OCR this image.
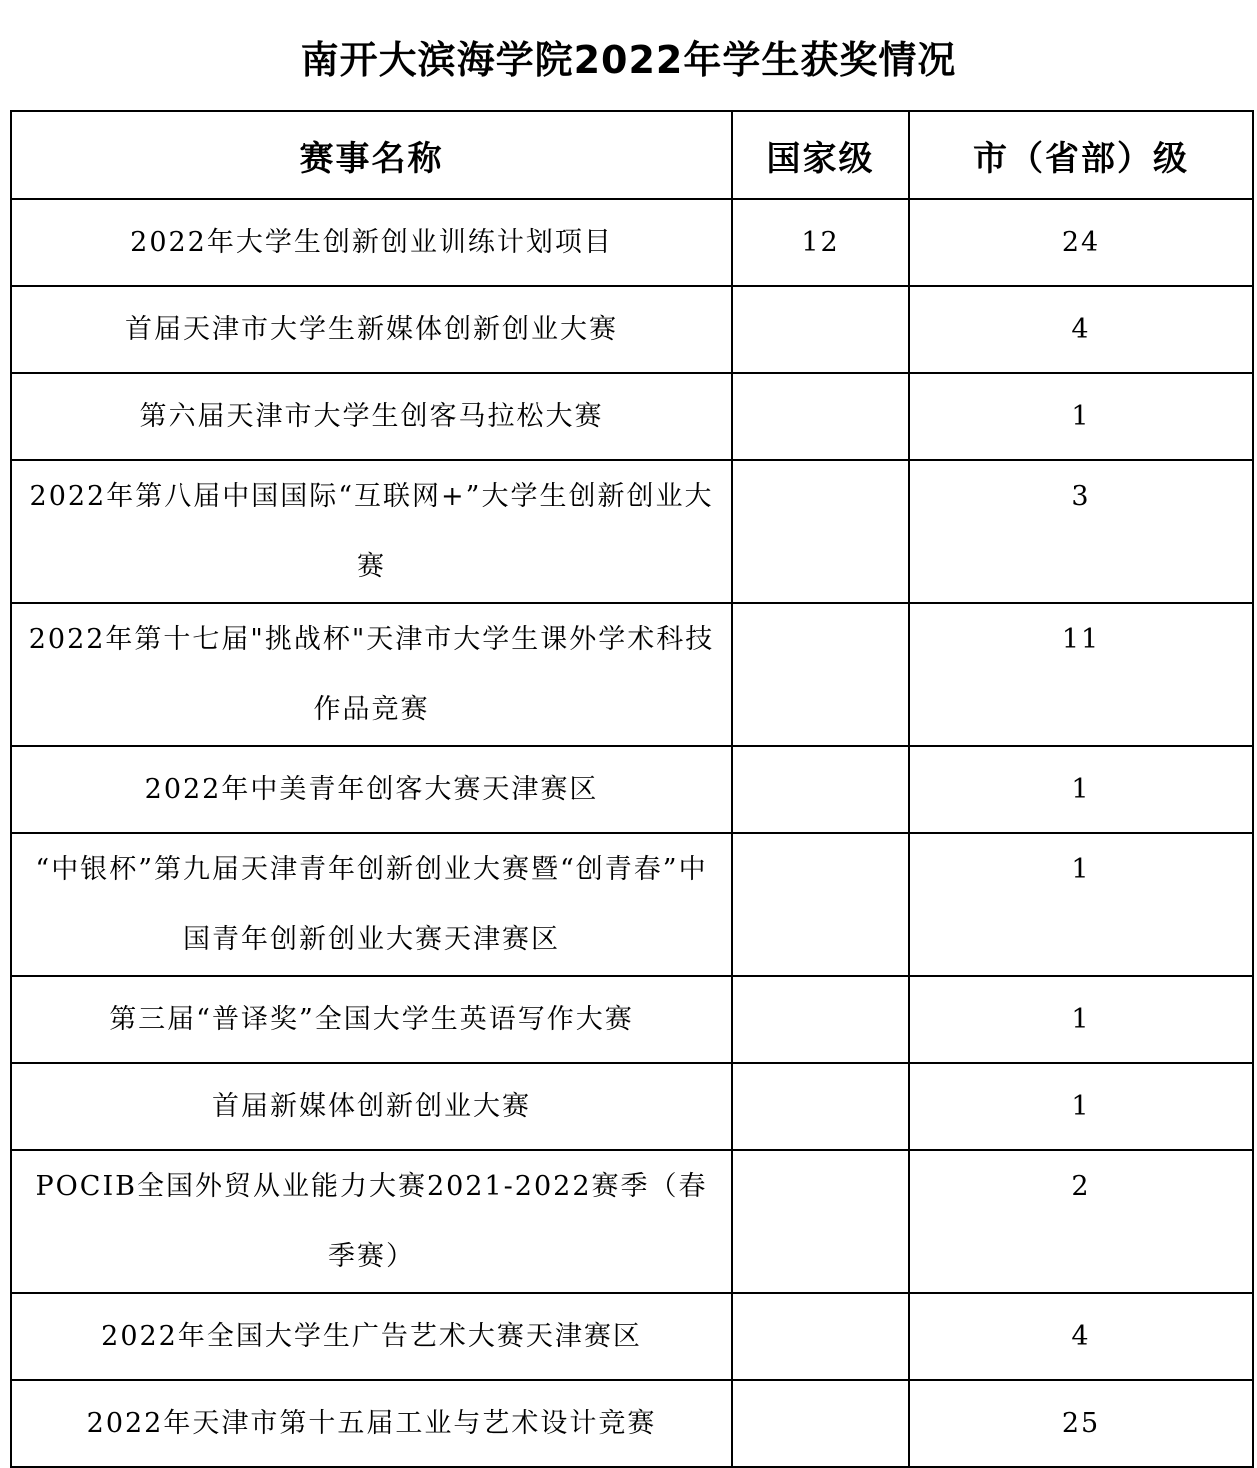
南开大滨海学院2022年学生获奖情况
赛事名称	国家级	市（省部）级
2022年大学生创新创业训练计划项目	12	24
首届天津市大学生新媒体创新创业大赛		4
第六届天津市大学生创客马拉松大赛		1
2022年第八届中国国际“互联网+”大学生创新创业大赛		3
2022年第十七届"挑战杯"天津市大学生课外学术科技作品竞赛		11
2022年中美青年创客大赛天津赛区		1
“中银杯”第九届天津青年创新创业大赛暨“创青春”中国青年创新创业大赛天津赛区		1
第三届“普译奖”全国大学生英语写作大赛		1
首届新媒体创新创业大赛		1
POCIB全国外贸从业能力大赛2021-2022赛季（春季赛）		2
2022年全国大学生广告艺术大赛天津赛区		4
2022年天津市第十五届工业与艺术设计竞赛		25
